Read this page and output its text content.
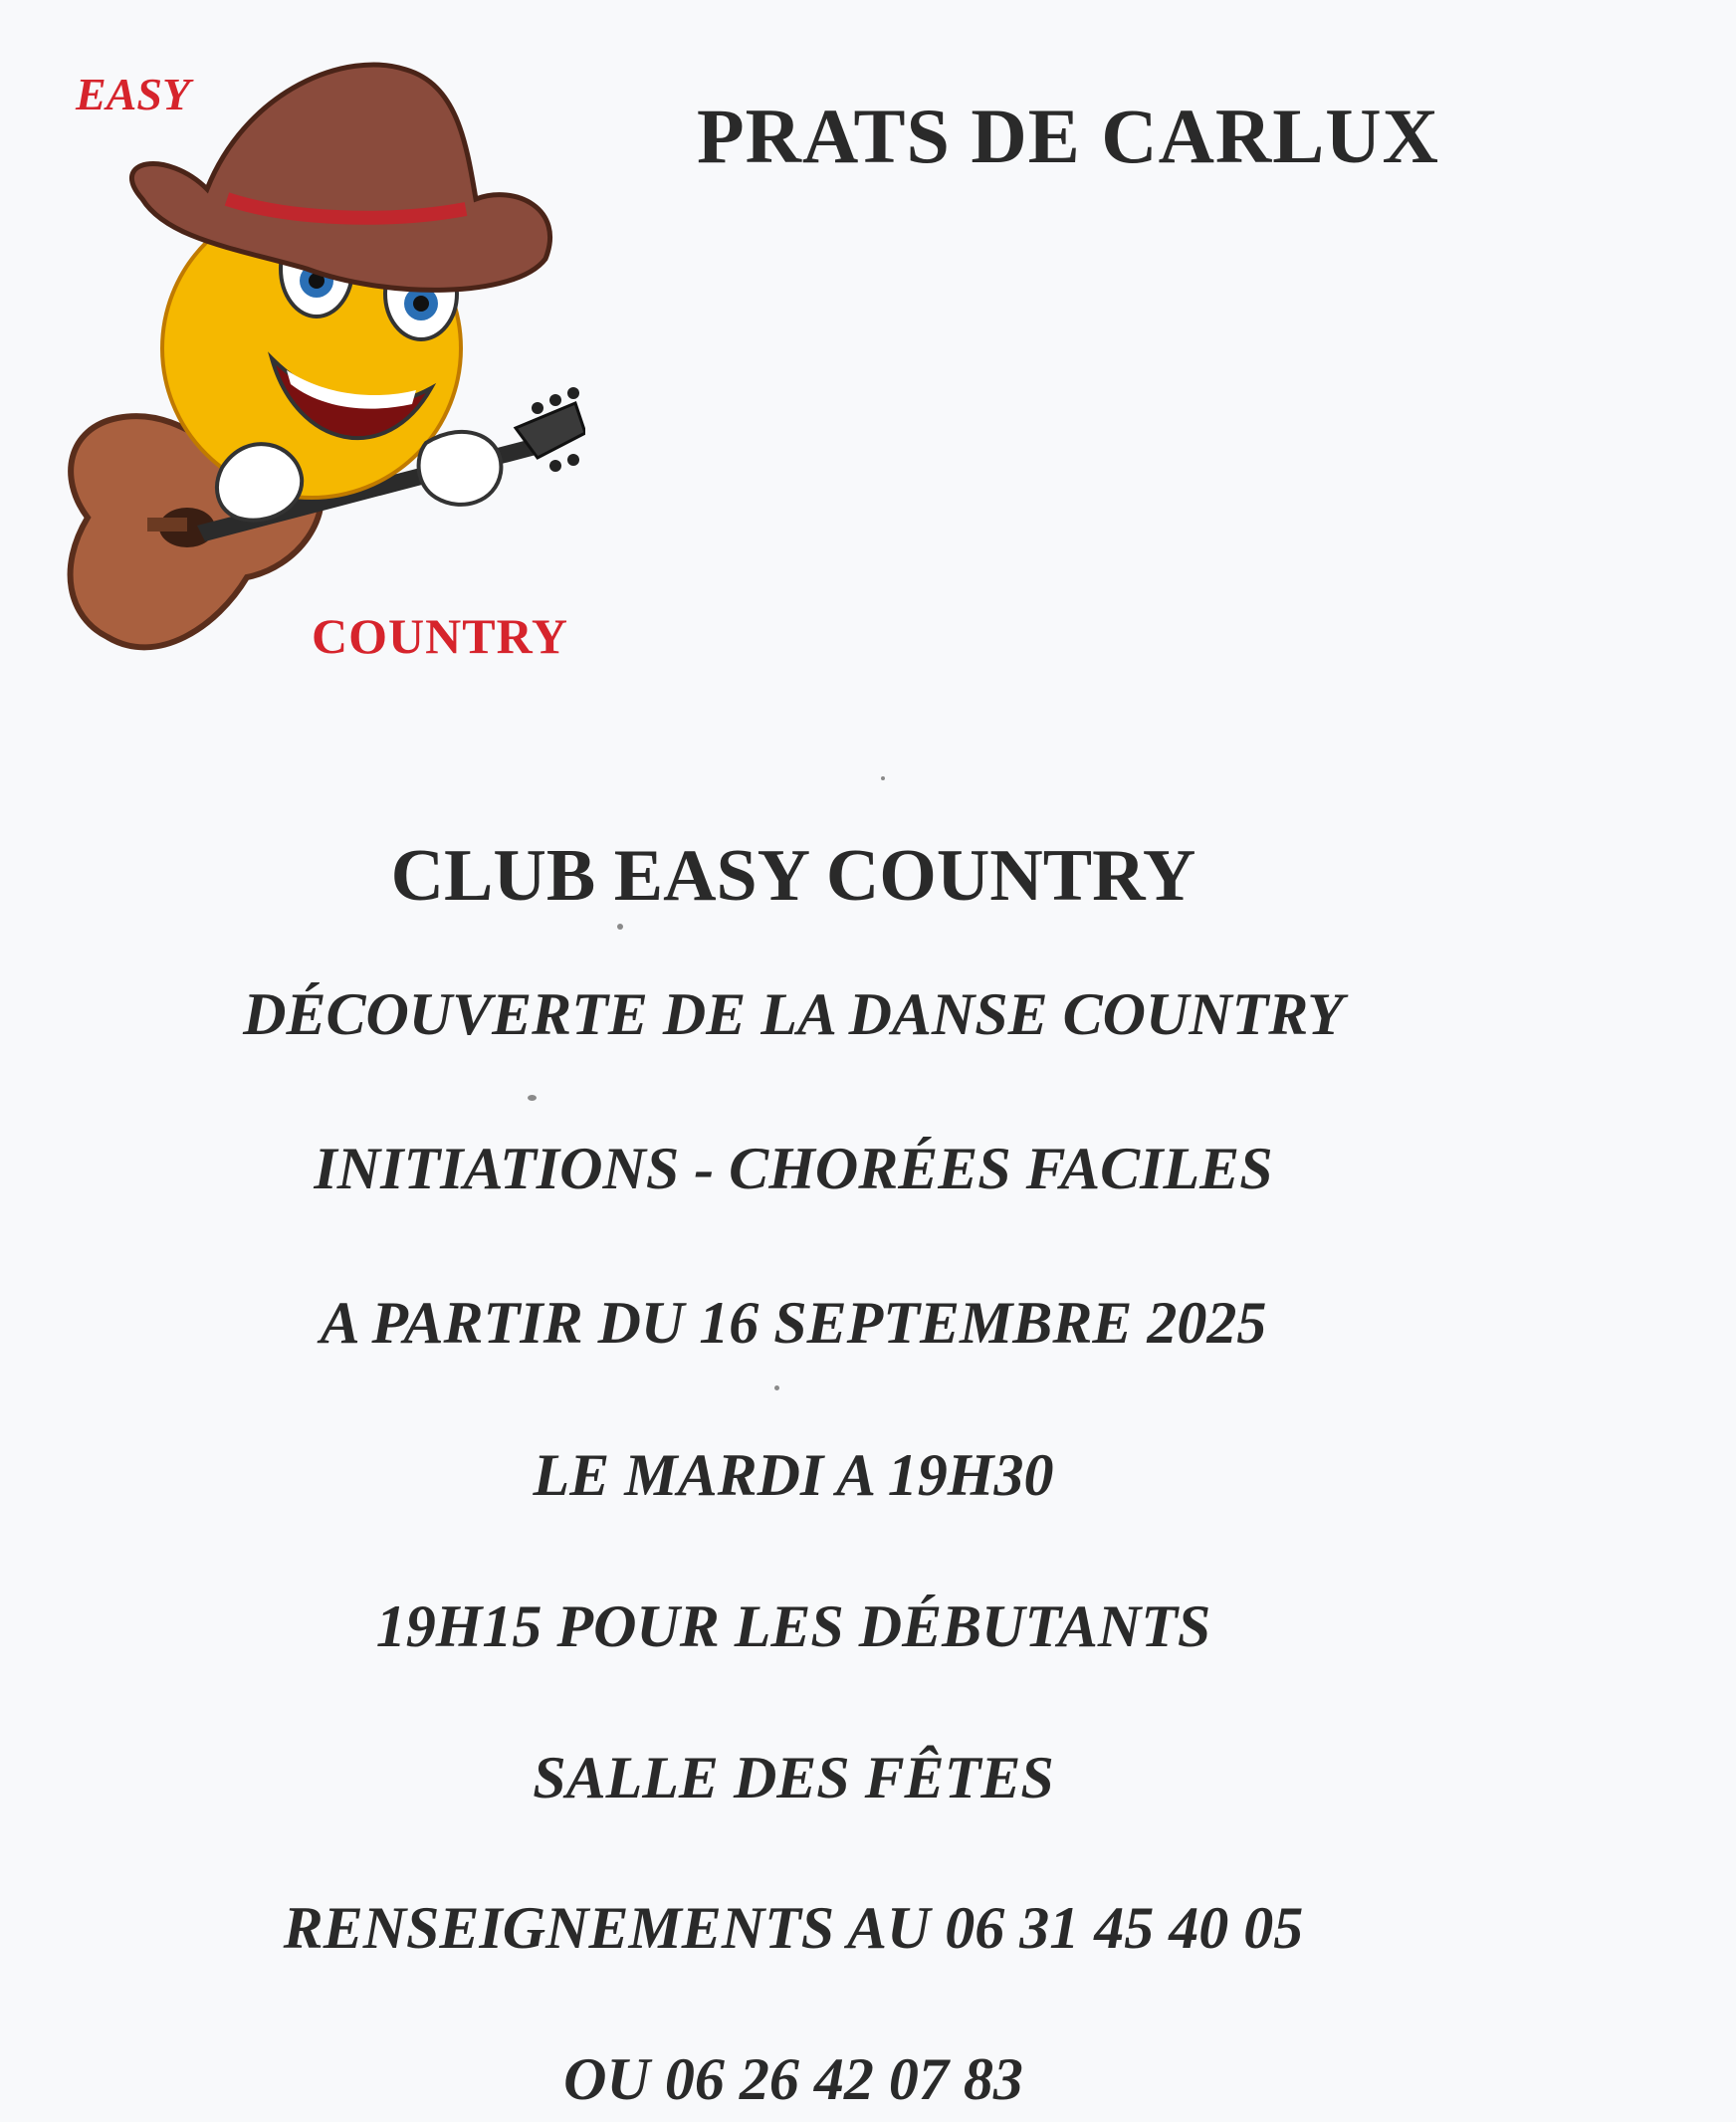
EASY
COUNTRY
PRATS DE CARLUX
CLUB EASY COUNTRY
DÉCOUVERTE DE LA DANSE COUNTRY
INITIATIONS - CHORÉES FACILES
A PARTIR DU 16 SEPTEMBRE 2025
LE MARDI A 19H30
19H15 POUR LES DÉBUTANTS
SALLE DES FÊTES
RENSEIGNEMENTS AU 06 31 45 40 05
OU 06 26 42 07 83
